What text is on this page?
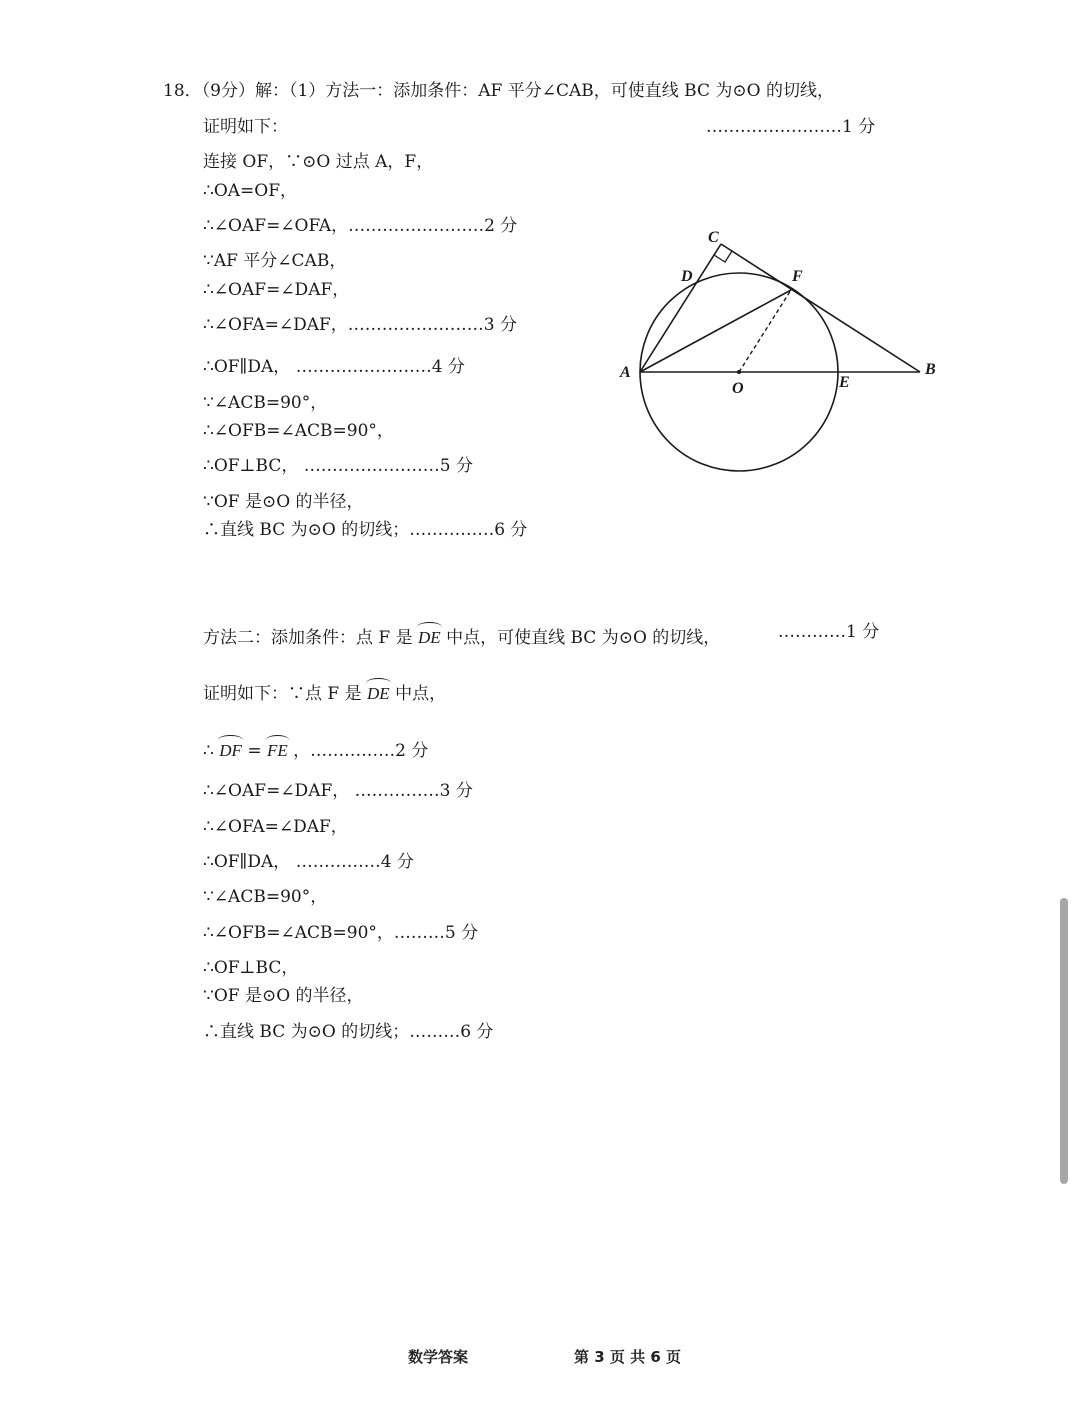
18．（9分）解：（1）方法一：添加条件：AF 平分∠CAB，可使直线 BC 为⊙O 的切线，
证明如下：	……………………1 分
连接 OF，∵⊙O 过点 A，F，
∴OA=OF，
∴∠OAF=∠OFA，……………………2 分
∵AF 平分∠CAB，
∴∠OAF=∠DAF，
∴∠OFA=∠DAF，……………………3 分
∴OF∥DA， ……………………4 分
∵∠ACB=90°，
∴∠OFB=∠ACB=90°，
∴OF⊥BC， ……………………5 分
∵OF 是⊙O 的半径，
∴直线 BC 为⊙O 的切线；……………6 分
C
D	F
A
O	E
B
方法二：添加条件：点 F 是 DE 中点，可使直线 BC 为⊙O 的切线，	…………1 分
证明如下：∵点 F 是 DE 中点，
∴ DF = FE ，……………2 分
∴∠OAF=∠DAF， ……………3 分
∴∠OFA=∠DAF，
∴OF∥DA， ……………4 分
∵∠ACB=90°，
∴∠OFB=∠ACB=90°，………5 分
∴OF⊥BC，
∵OF 是⊙O 的半径，
∴直线 BC 为⊙O 的切线；………6 分
数学答案	第 3 页 共 6 页
